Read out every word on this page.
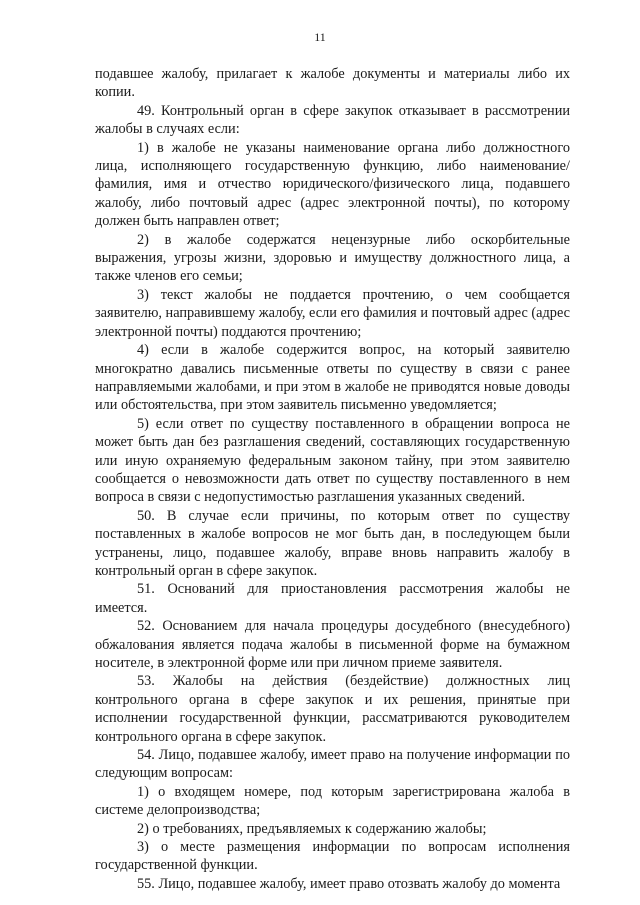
11

подавшее жалобу, прилагает к жалобе документы и материалы либо их копии.

49. Контрольный орган в сфере закупок отказывает в рассмотрении жалобы в случаях если:

1) в жалобе не указаны наименование органа либо должностного лица, исполняющего государственную функцию, либо наименование/фамилия, имя и отчество юридического/физического лица, подавшего жалобу, либо почтовый адрес (адрес электронной почты), по которому должен быть направлен ответ;

2) в жалобе содержатся нецензурные либо оскорбительные выражения, угрозы жизни, здоровью и имуществу должностного лица, а также членов его семьи;

3) текст жалобы не поддается прочтению, о чем сообщается заявителю, направившему жалобу, если его фамилия и почтовый адрес (адрес электронной почты) поддаются прочтению;

4) если в жалобе содержится вопрос, на который заявителю многократно давались письменные ответы по существу в связи с ранее направляемыми жалобами, и при этом в жалобе не приводятся новые доводы или обстоятельства, при этом заявитель письменно уведомляется;

5) если ответ по существу поставленного в обращении вопроса не может быть дан без разглашения сведений, составляющих государственную или иную охраняемую федеральным законом тайну, при этом заявителю сообщается о невозможности дать ответ по существу поставленного в нем вопроса в связи с недопустимостью разглашения указанных сведений.

50. В случае если причины, по которым ответ по существу поставленных в жалобе вопросов не мог быть дан, в последующем были устранены, лицо, подавшее жалобу, вправе вновь направить жалобу в контрольный орган в сфере закупок.

51. Оснований для приостановления рассмотрения жалобы не имеется.

52. Основанием для начала процедуры досудебного (внесудебного) обжалования является подача жалобы в письменной форме на бумажном носителе, в электронной форме или при личном приеме заявителя.

53. Жалобы на действия (бездействие) должностных лиц контрольного органа в сфере закупок и их решения, принятые при исполнении государственной функции, рассматриваются руководителем контрольного органа в сфере закупок.

54. Лицо, подавшее жалобу, имеет право на получение информации по следующим вопросам:

1) о входящем номере, под которым зарегистрирована жалоба в системе делопроизводства;

2) о требованиях, предъявляемых к содержанию жалобы;

3) о месте размещения информации по вопросам исполнения государственной функции.

55. Лицо, подавшее жалобу, имеет право отозвать жалобу до момента
